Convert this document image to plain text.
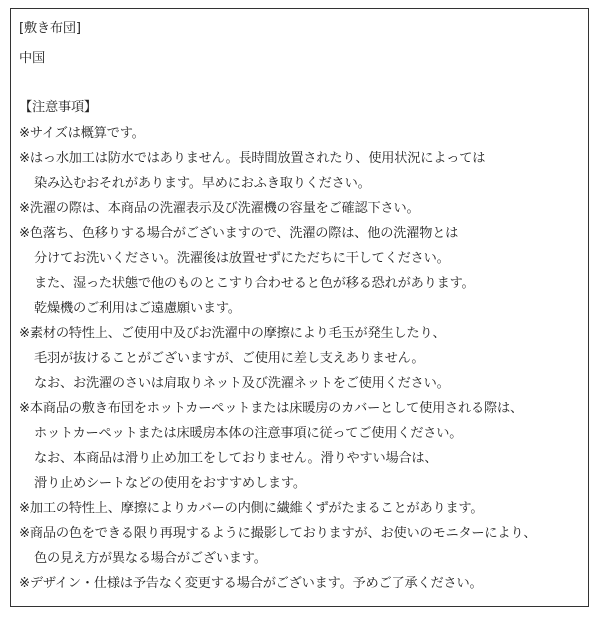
[敷き布団]
中国
【注意事項】
※サイズは概算です。
※はっ水加工は防水ではありません。長時間放置されたり、使用状況によっては
染み込むおそれがあります。早めにおふき取りください。
※洗濯の際は、本商品の洗濯表示及び洗濯機の容量をご確認下さい。
※色落ち、色移りする場合がございますので、洗濯の際は、他の洗濯物とは
分けてお洗いください。洗濯後は放置せずにただちに干してください。
また、湿った状態で他のものとこすり合わせると色が移る恐れがあります。
乾燥機のご利用はご遠慮願います。
※素材の特性上、ご使用中及びお洗濯中の摩擦により毛玉が発生したり、
毛羽が抜けることがございますが、ご使用に差し支えありません。
なお、お洗濯のさいは肩取りネット及び洗濯ネットをご使用ください。
※本商品の敷き布団をホットカーペットまたは床暖房のカバーとして使用される際は、
ホットカーペットまたは床暖房本体の注意事項に従ってご使用ください。
なお、本商品は滑り止め加工をしておりません。滑りやすい場合は、
滑り止めシートなどの使用をおすすめします。
※加工の特性上、摩擦によりカバーの内側に繊維くずがたまることがあります。
※商品の色をできる限り再現するように撮影しておりますが、お使いのモニターにより、
色の見え方が異なる場合がございます。
※デザイン・仕様は予告なく変更する場合がございます。予めご了承ください。
